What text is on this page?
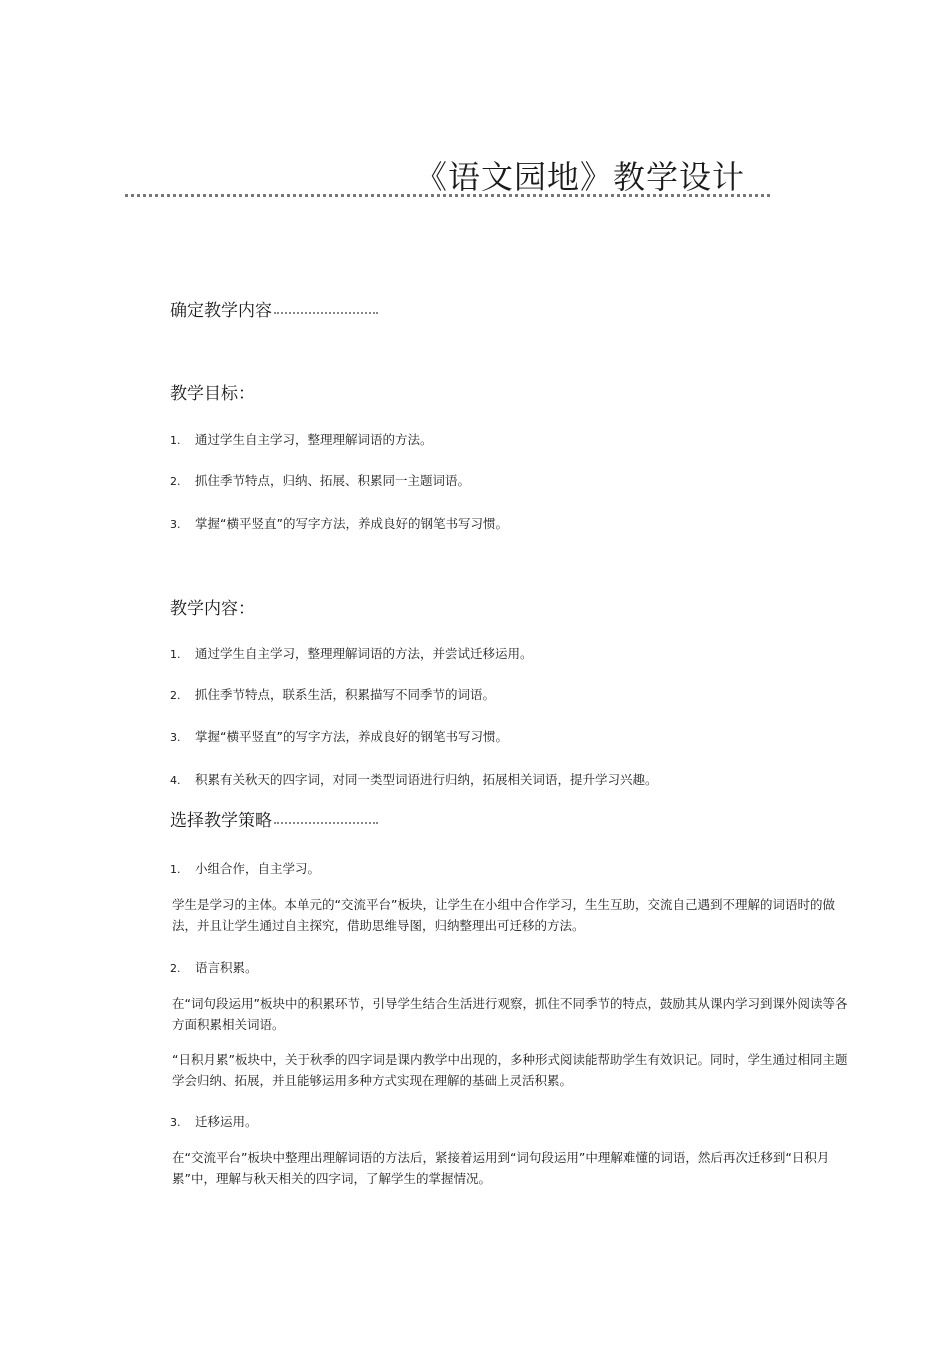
《语文园地》教学设计
确定教学内容
教学目标：
1. 通过学生自主学习，整理理解词语的方法。
2. 抓住季节特点，归纳、拓展、积累同一主题词语。
3. 掌握“横平竖直”的写字方法，养成良好的钢笔书写习惯。
教学内容：
1. 通过学生自主学习，整理理解词语的方法，并尝试迁移运用。
2. 抓住季节特点，联系生活，积累描写不同季节的词语。
3. 掌握“横平竖直”的写字方法，养成良好的钢笔书写习惯。
4. 积累有关秋天的四字词，对同一类型词语进行归纳，拓展相关词语，提升学习兴趣。
选择教学策略
1. 小组合作，自主学习。
学生是学习的主体。本单元的“交流平台”板块，让学生在小组中合作学习，生生互助，交流自己遇到不理解的词语时的做法，并且让学生通过自主探究，借助思维导图，归纳整理出可迁移的方法。
2. 语言积累。
在“词句段运用”板块中的积累环节，引导学生结合生活进行观察，抓住不同季节的特点，鼓励其从课内学习到课外阅读等各方面积累相关词语。
“日积月累”板块中，关于秋季的四字词是课内教学中出现的，多种形式阅读能帮助学生有效识记。同时，学生通过相同主题学会归纳、拓展，并且能够运用多种方式实现在理解的基础上灵活积累。
3. 迁移运用。
在“交流平台”板块中整理出理解词语的方法后，紧接着运用到“词句段运用”中理解难懂的词语，然后再次迁移到“日积月累”中，理解与秋天相关的四字词，了解学生的掌握情况。
